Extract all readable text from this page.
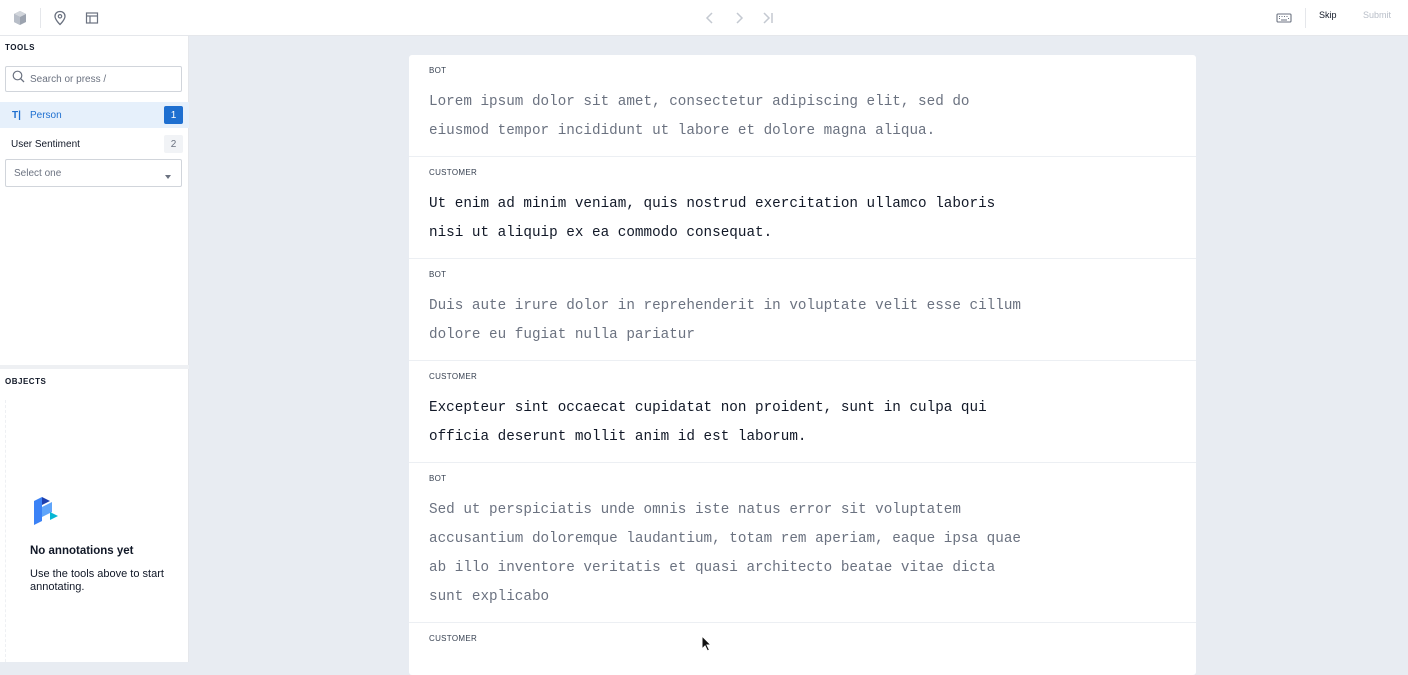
Skip	Submit
TOOLS
Search or press /
T| Person	1
User Sentiment	2
Select one
OBJECTS
No annotations yet
Use the tools above to start annotating.
BOT
Lorem ipsum dolor sit amet, consectetur adipiscing elit, sed do eiusmod tempor incididunt ut labore et dolore magna aliqua.
CUSTOMER
Ut enim ad minim veniam, quis nostrud exercitation ullamco laboris nisi ut aliquip ex ea commodo consequat.
BOT
Duis aute irure dolor in reprehenderit in voluptate velit esse cillum dolore eu fugiat nulla pariatur
CUSTOMER
Excepteur sint occaecat cupidatat non proident, sunt in culpa qui officia deserunt mollit anim id est laborum.
BOT
Sed ut perspiciatis unde omnis iste natus error sit voluptatem accusantium doloremque laudantium, totam rem aperiam, eaque ipsa quae ab illo inventore veritatis et quasi architecto beatae vitae dicta sunt explicabo
CUSTOMER
